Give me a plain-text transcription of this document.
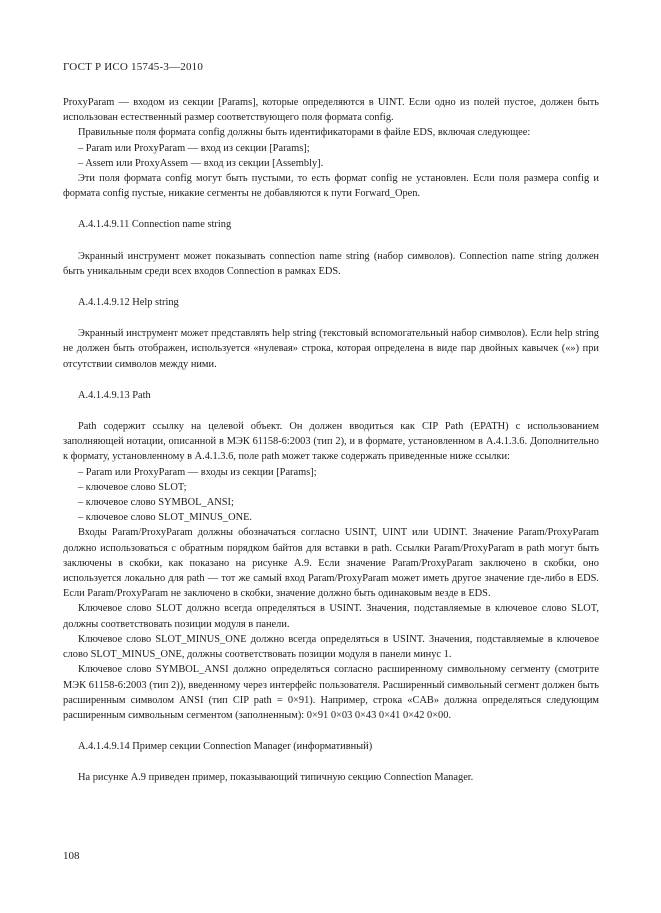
ГОСТ Р ИСО 15745-3—2010

ProxyParam — входом из секции [Params], которые определяются в UINT. Если одно из полей пустое, должен быть использован естественный размер соответствующего поля формата config.

Правильные поля формата config должны быть идентификаторами в файле EDS, включая следующее:

– Param или ProxyParam — вход из секции [Params];

– Assem или ProxyAssem — вход из секции [Assembly].

Эти поля формата config могут быть пустыми, то есть формат config не установлен. Если поля размера config и формата config пустые, никакие сегменты не добавляются к пути Forward_Open.

А.4.1.4.9.11 Connection name string

Экранный инструмент может показывать connection name string (набор символов). Connection name string должен быть уникальным среди всех входов Connection в рамках EDS.

А.4.1.4.9.12 Help string

Экранный инструмент может представлять help string (текстовый вспомогательный набор символов). Если help string не должен быть отображен, используется «нулевая» строка, которая определена в виде пар двойных кавычек («») при отсутствии символов между ними.

А.4.1.4.9.13 Path

Path содержит ссылку на целевой объект. Он должен вводиться как CIP Path (EPATH) с использованием заполняющей нотации, описанной в МЭК 61158-6:2003 (тип 2), и в формате, установленном в А.4.1.3.6. Дополнительно к формату, установленному в А.4.1.3.6, поле path может также содержать приведенные ниже ссылки:

– Param или ProxyParam — входы из секции [Params];

– ключевое слово SLOT;

– ключевое слово SYMBOL_ANSI;

– ключевое слово SLOT_MINUS_ONE.

Входы Param/ProxyParam должны обозначаться согласно USINT, UINT или UDINT. Значение Param/ProxyParam должно использоваться с обратным порядком байтов для вставки в path. Ссылки Param/ProxyParam в path могут быть заключены в скобки, как показано на рисунке А.9. Если значение Param/ProxyParam заключено в скобки, оно используется локально для path — тот же самый вход Param/ProxyParam может иметь другое значение где-либо в EDS. Если Param/ProxyParam не заключено в скобки, значение должно быть одинаковым везде в EDS.

Ключевое слово SLOT должно всегда определяться в USINT. Значения, подставляемые в ключевое слово SLOT, должны соответствовать позиции модуля в панели.

Ключевое слово SLOT_MINUS_ONE должно всегда определяться в USINT. Значения, подставляемые в ключевое слово SLOT_MINUS_ONE, должны соответствовать позиции модуля в панели минус 1.

Ключевое слово SYMBOL_ANSI должно определяться согласно расширенному символьному сегменту (смотрите МЭК 61158-6:2003 (тип 2)), введенному через интерфейс пользователя. Расширенный символьный сегмент должен быть расширенным символом ANSI (тип CIP path = 0×91). Например, строка «CAB» должна определяться следующим расширенным символьным сегментом (заполненным): 0×91 0×03 0×43 0×41 0×42 0×00.

А.4.1.4.9.14 Пример секции Connection Manager (информативный)

На рисунке А.9 приведен пример, показывающий типичную секцию Connection Manager.

108
